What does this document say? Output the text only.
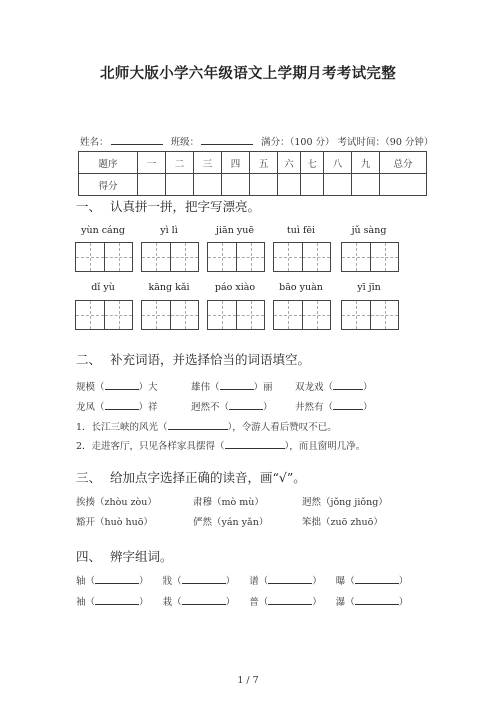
北师大版小学六年级语文上学期月考考试完整
姓名：	班级：	满分：（100 分） 考试时间：（90 分钟）
题序	一	二	三	四	五	六	七	八	九	总分
得分										
一、 认真拼一拼，把字写漂亮。
yùn cáng	yì lì	jiān yuē	tuì fēi	jǔ sàng
dǐ yù	kāng kǎi	páo xiào	bāo yuàn	yī jīn
二、 补充词语，并选择恰当的词语填空。
规模（	）大	雄伟（	）丽 双龙戏（	）
龙凤（	）祥	迥然不（	） 井然有（	）
1．长江三峡的风光（	），令游人看后赞叹不已。
2．走进客厅，只见各样家具摆得（	），而且窗明几净。
三、 给加点字选择正确的读音，画“√”。
挨揍（zhòu zòu）	肃穆（mò mù）	迥然（jǒng jiǒng）
豁开（huò huō）	俨然（yán yǎn）	笨拙（zuō zhuō）
四、 辨字组词。
轴（	） 戕（	） 谱（	） 曝（	）
袖（	） 栽（	） 普（	） 瀑（	）
1 / 7
